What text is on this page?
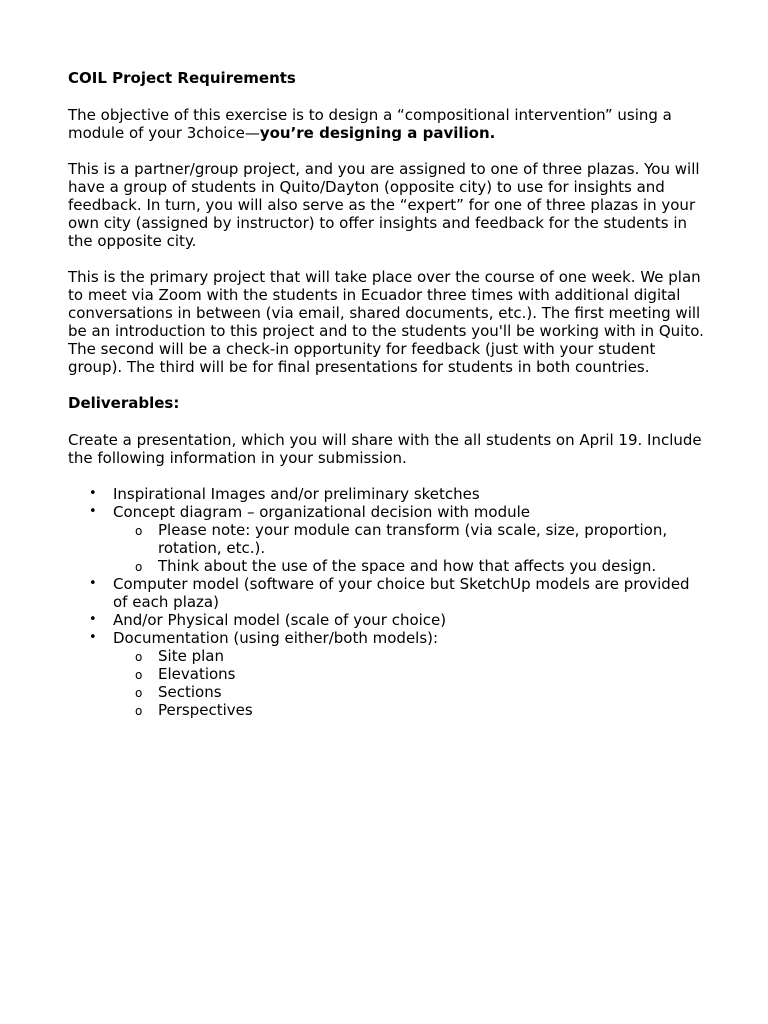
COIL Project Requirements

The objective of this exercise is to design a “compositional intervention” using a module of your 3choice—you’re designing a pavilion.

This is a partner/group project, and you are assigned to one of three plazas. You will have a group of students in Quito/Dayton (opposite city) to use for insights and feedback. In turn, you will also serve as the “expert” for one of three plazas in your own city (assigned by instructor) to offer insights and feedback for the students in the opposite city.

This is the primary project that will take place over the course of one week. We plan to meet via Zoom with the students in Ecuador three times with additional digital conversations in between (via email, shared documents, etc.). The first meeting will be an introduction to this project and to the students you'll be working with in Quito. The second will be a check-in opportunity for feedback (just with your student group). The third will be for final presentations for students in both countries.

Deliverables:

Create a presentation, which you will share with the all students on April 19. Include the following information in your submission.

• Inspirational Images and/or preliminary sketches
• Concept diagram – organizational decision with module
o Please note: your module can transform (via scale, size, proportion, rotation, etc.).
o Think about the use of the space and how that affects you design.
• Computer model (software of your choice but SketchUp models are provided of each plaza)
• And/or Physical model (scale of your choice)
• Documentation (using either/both models):
o Site plan
o Elevations
o Sections
o Perspectives
